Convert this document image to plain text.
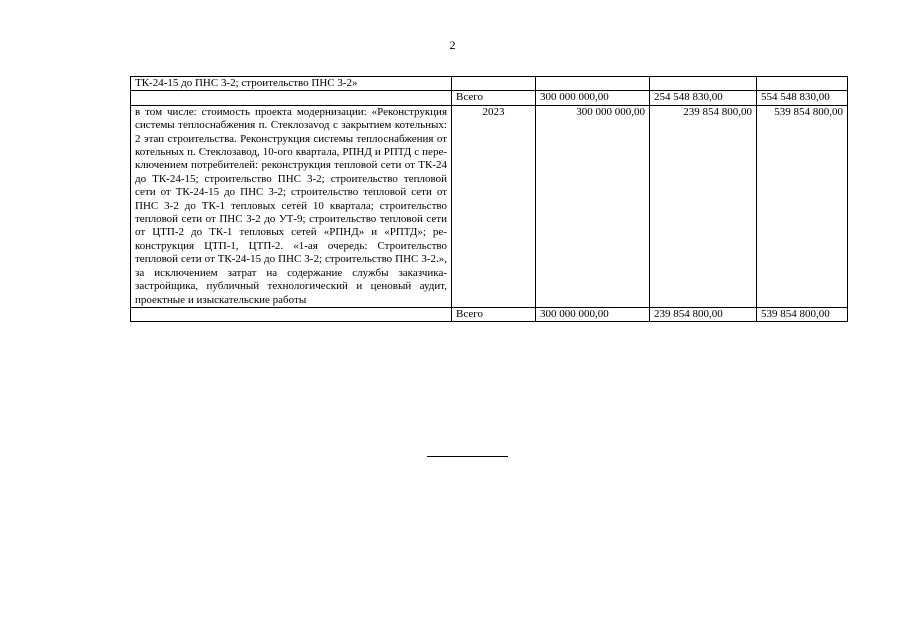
2
ТК-24-15 до ПНС 3-2; строительство ПНС 3-2»				
	Всего	300 000 000,00	254 548 830,00	554 548 830,00
в том числе: стоимость проекта модернизации: «Реконструкция системы теплоснабжения п. Стеклозаvод с закрытием котельных: 2 этап строительства. Реконструкция системы теплоснабжения от котельных п. Стеклозавод, 10-ого квартала, РПНД и РПТД с переключением потребителей: реконструкция тепловой сети от ТК-24 до ТК-24-15; строительство ПНС 3-2; строительство тепловой сети от ТК-24-15 до ПНС 3-2; строительство тепловой сети от ПНС 3-2 до ТК-1 тепловых сетей 10 квартала; строительство тепловой сети от ПНС 3-2 до УТ-9; строительство тепловой сети от ЦТП-2 до ТК-1 тепловых сетей «РПНД» и «РПТД»; реконструкция ЦТП-1, ЦТП-2. «1-ая очередь: Строительство тепловой сети от ТК-24-15 до ПНС 3-2; строительство ПНС 3-2.», за исключением затрат на содержание службы заказчика-застройщика, публичный технологический и ценовый аудит, проектные и изыскательские работы	2023	300 000 000,00	239 854 800,00	539 854 800,00
	Всего	300 000 000,00	239 854 800,00	539 854 800,00
